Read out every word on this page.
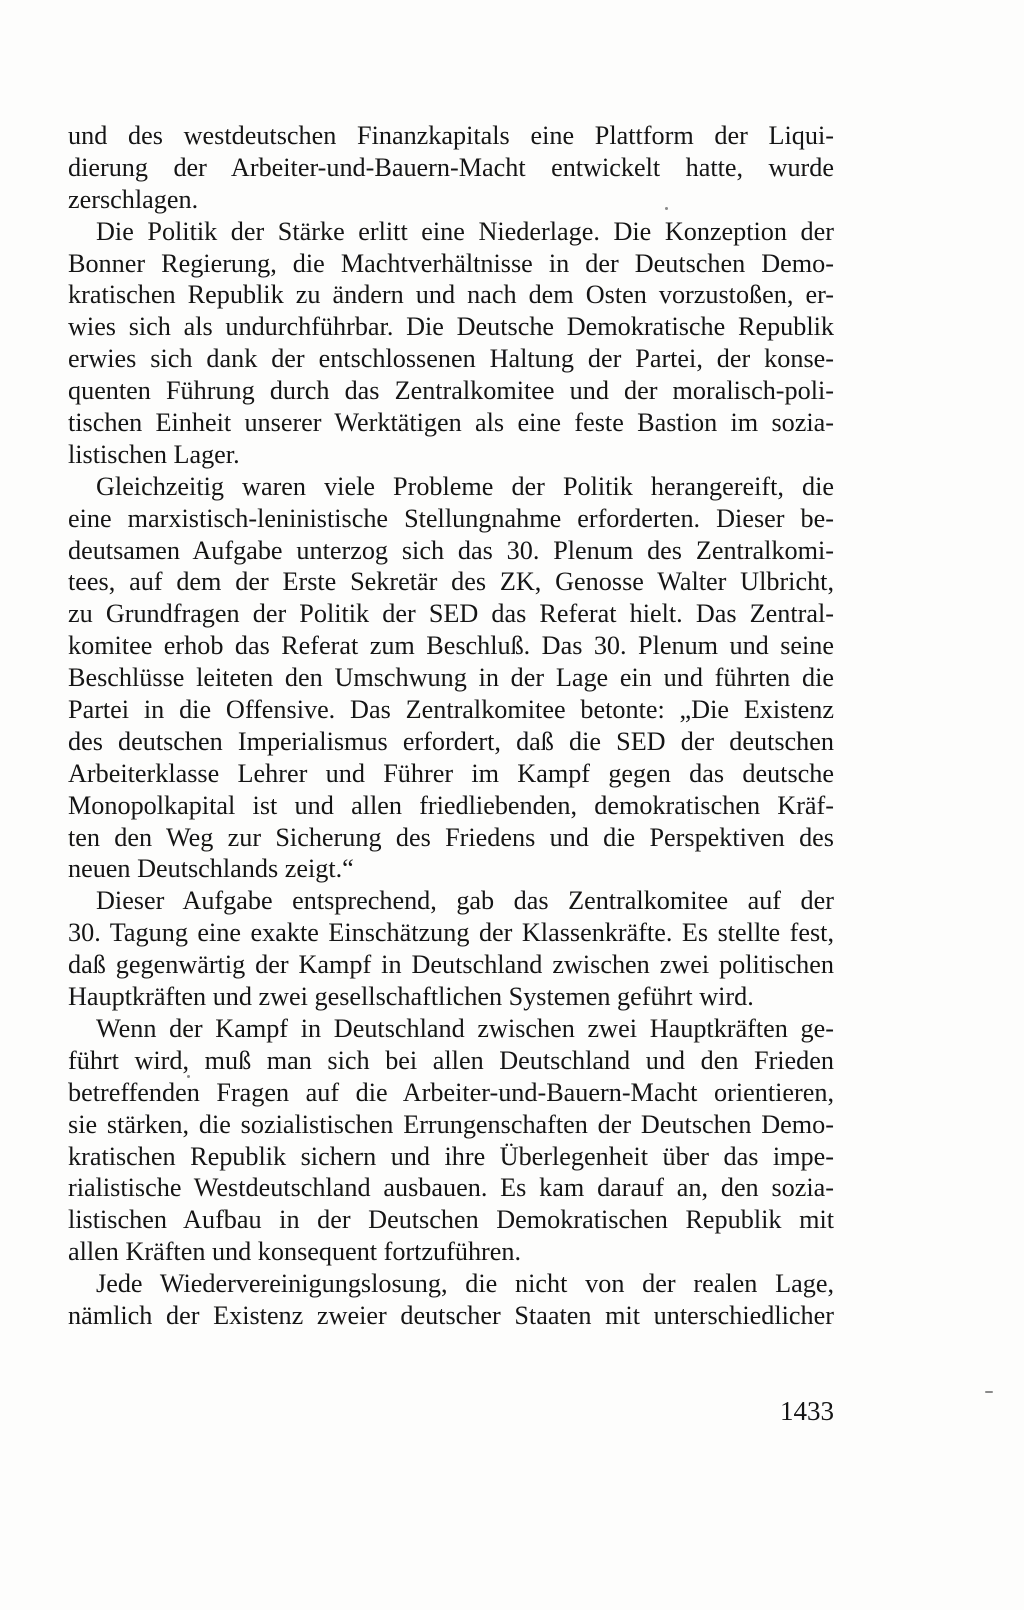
und des westdeutschen Finanzkapitals eine Plattform der Liqui-
dierung der Arbeiter-und-Bauern-Macht entwickelt hatte, wurde
zerschlagen.
Die Politik der Stärke erlitt eine Niederlage. Die Konzeption der
Bonner Regierung, die Machtverhältnisse in der Deutschen Demo-
kratischen Republik zu ändern und nach dem Osten vorzustoßen, er-
wies sich als undurchführbar. Die Deutsche Demokratische Republik
erwies sich dank der entschlossenen Haltung der Partei, der konse-
quenten Führung durch das Zentralkomitee und der moralisch-poli-
tischen Einheit unserer Werktätigen als eine feste Bastion im sozia-
listischen Lager.
Gleichzeitig waren viele Probleme der Politik herangereift, die
eine marxistisch-leninistische Stellungnahme erforderten. Dieser be-
deutsamen Aufgabe unterzog sich das 30. Plenum des Zentralkomi-
tees, auf dem der Erste Sekretär des ZK, Genosse Walter Ulbricht,
zu Grundfragen der Politik der SED das Referat hielt. Das Zentral-
komitee erhob das Referat zum Beschluß. Das 30. Plenum und seine
Beschlüsse leiteten den Umschwung in der Lage ein und führten die
Partei in die Offensive. Das Zentralkomitee betonte: „Die Existenz
des deutschen Imperialismus erfordert, daß die SED der deutschen
Arbeiterklasse Lehrer und Führer im Kampf gegen das deutsche
Monopolkapital ist und allen friedliebenden, demokratischen Kräf-
ten den Weg zur Sicherung des Friedens und die Perspektiven des
neuen Deutschlands zeigt.“
Dieser Aufgabe entsprechend, gab das Zentralkomitee auf der
30. Tagung eine exakte Einschätzung der Klassenkräfte. Es stellte fest,
daß gegenwärtig der Kampf in Deutschland zwischen zwei politischen
Hauptkräften und zwei gesellschaftlichen Systemen geführt wird.
Wenn der Kampf in Deutschland zwischen zwei Hauptkräften ge-
führt wird, muß man sich bei allen Deutschland und den Frieden
betreffenden Fragen auf die Arbeiter-und-Bauern-Macht orientieren,
sie stärken, die sozialistischen Errungenschaften der Deutschen Demo-
kratischen Republik sichern und ihre Überlegenheit über das impe-
rialistische Westdeutschland ausbauen. Es kam darauf an, den sozia-
listischen Aufbau in der Deutschen Demokratischen Republik mit
allen Kräften und konsequent fortzuführen.
Jede Wiedervereinigungslosung, die nicht von der realen Lage,
nämlich der Existenz zweier deutscher Staaten mit unterschiedlicher
1433
